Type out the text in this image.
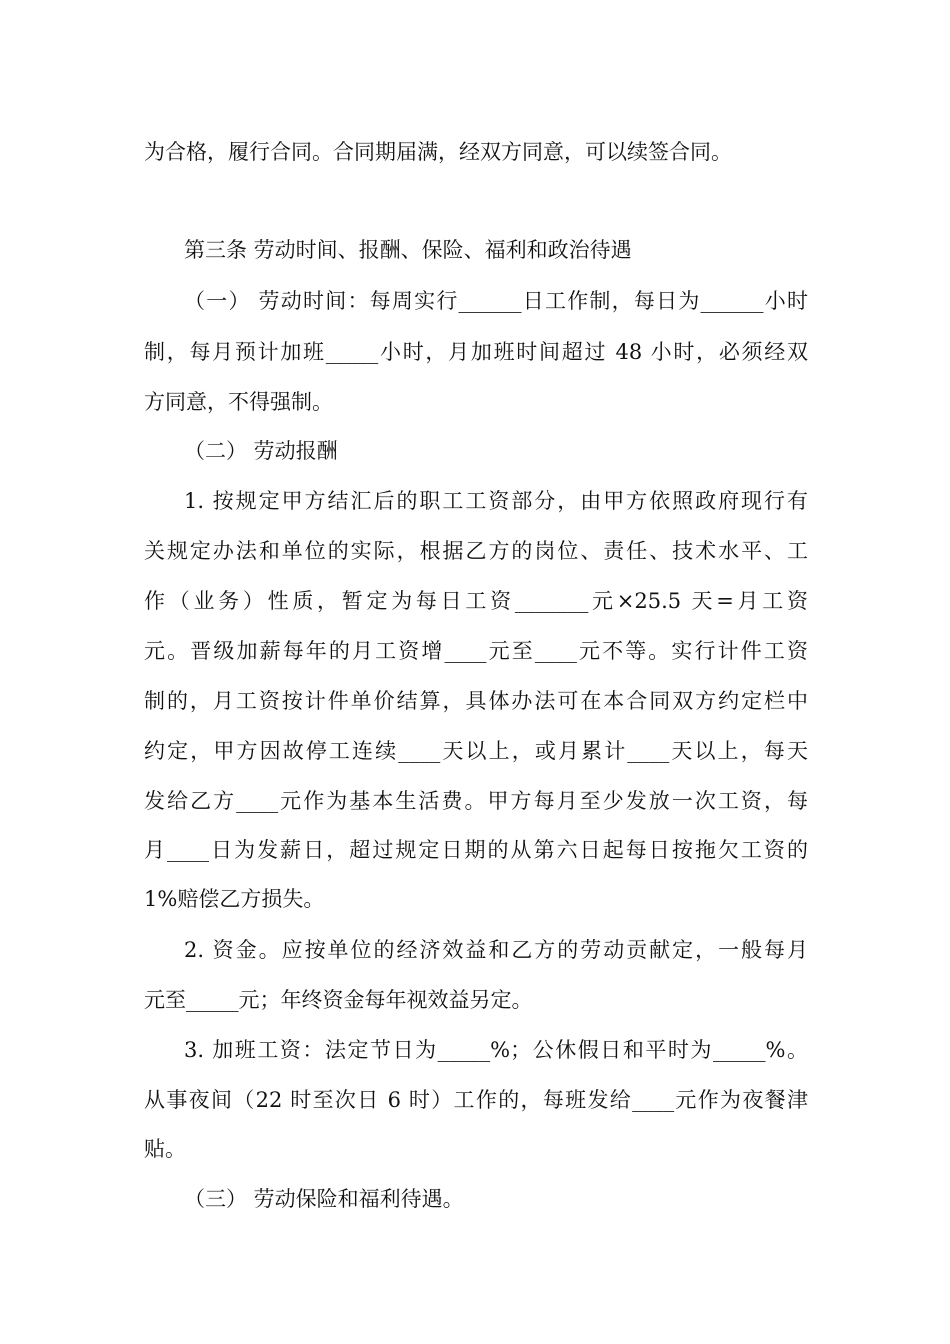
为合格，履行合同。合同期届满，经双方同意，可以续签合同。
第三条 劳动时间、报酬、保险、福利和政治待遇
（一） 劳动时间：每周实行______日工作制，每日为______小时
制，每月预计加班_____小时，月加班时间超过 48 小时，必须经双
方同意，不得强制。
（二） 劳动报酬
1. 按规定甲方结汇后的职工工资部分，由甲方依照政府现行有
关规定办法和单位的实际，根据乙方的岗位、责任、技术水平、工
作（业务）性质，暂定为每日工资_______元×25.5 天=月工资
元。晋级加薪每年的月工资增____元至____元不等。实行计件工资
制的，月工资按计件单价结算，具体办法可在本合同双方约定栏中
约定，甲方因故停工连续____天以上，或月累计____天以上，每天
发给乙方____元作为基本生活费。甲方每月至少发放一次工资，每
月____日为发薪日，超过规定日期的从第六日起每日按拖欠工资的
1%赔偿乙方损失。
2. 资金。应按单位的经济效益和乙方的劳动贡献定，一般每月
元至_____元；年终资金每年视效益另定。
3. 加班工资：法定节日为_____%；公休假日和平时为_____%。
从事夜间（22 时至次日 6 时）工作的，每班发给____元作为夜餐津
贴。
（三） 劳动保险和福利待遇。
